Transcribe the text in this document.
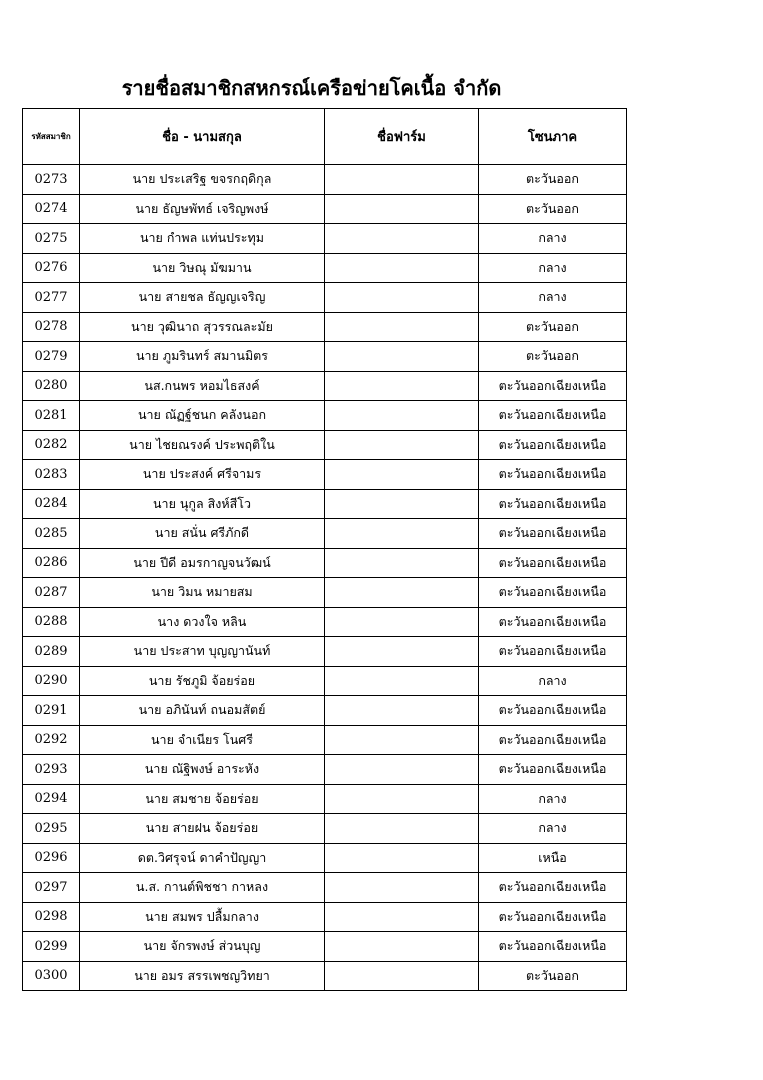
รายชื่อสมาชิกสหกรณ์เครือข่ายโคเนื้อ จำกัด
รหัสสมาชิก	ชื่อ - นามสกุล	ชื่อฟาร์ม	โซนภาค
0273	นาย ประเสริฐ ขจรกฤดิกุล		ตะวันออก
0274	นาย ธัญษพัทธ์ เจริญพงษ์		ตะวันออก
0275	นาย กำพล แท่นประทุม		กลาง
0276	นาย วิษณุ มัฆมาน		กลาง
0277	นาย สายชล ธัญญเจริญ		กลาง
0278	นาย วุฒินาถ สุวรรณละมัย		ตะวันออก
0279	นาย ภูมรินทร์ สมานมิตร		ตะวันออก
0280	นส.กนพร หอมไธสงค์		ตะวันออกเฉียงเหนือ
0281	นาย ณัฏฐ์ชนก คลังนอก		ตะวันออกเฉียงเหนือ
0282	นาย ไชยณรงค์ ประพฤติใน		ตะวันออกเฉียงเหนือ
0283	นาย ประสงค์ ศรีจามร		ตะวันออกเฉียงเหนือ
0284	นาย นุกูล สิงห์สีโว		ตะวันออกเฉียงเหนือ
0285	นาย สนั่น ศรีภักดี		ตะวันออกเฉียงเหนือ
0286	นาย ปีดี อมรกาญจนวัฒน์		ตะวันออกเฉียงเหนือ
0287	นาย วิมน หมายสม		ตะวันออกเฉียงเหนือ
0288	นาง ดวงใจ หลิน		ตะวันออกเฉียงเหนือ
0289	นาย ประสาท บุญญานันท์		ตะวันออกเฉียงเหนือ
0290	นาย รัชภูมิ จ้อยร่อย		กลาง
0291	นาย อภินันท์ ถนอมสัตย์		ตะวันออกเฉียงเหนือ
0292	นาย จำเนียร โนศรี		ตะวันออกเฉียงเหนือ
0293	นาย ณัฐิพงษ์ อาระหัง		ตะวันออกเฉียงเหนือ
0294	นาย สมชาย จ้อยร่อย		กลาง
0295	นาย สายฝน จ้อยร่อย		กลาง
0296	ดต.วิศรุจน์ ดาคำปัญญา		เหนือ
0297	น.ส. กานต์พิชชา กาหลง		ตะวันออกเฉียงเหนือ
0298	นาย สมพร ปลื้มกลาง		ตะวันออกเฉียงเหนือ
0299	นาย จักรพงษ์ ส่วนบุญ		ตะวันออกเฉียงเหนือ
0300	นาย อมร สรรเพชญวิทยา		ตะวันออก
